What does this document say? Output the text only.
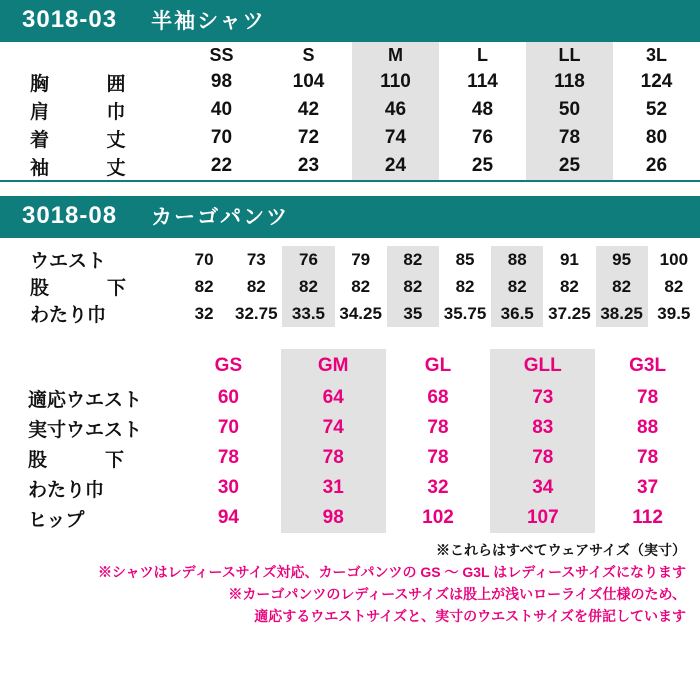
3018-03 半袖シャツ
	SS	S	M	L	LL	3L
胸囲	98	104	110	114	118	124
肩巾	40	42	46	48	50	52
着丈	70	72	74	76	78	80
袖丈	22	23	24	25	25	26
3018-08 カーゴパンツ
ウエスト	70	73	76	79	82	85	88	91	95	100
股下	82	82	82	82	82	82	82	82	82	82
わたり巾	32	32.75	33.5	34.25	35	35.75	36.5	37.25	38.25	39.5
	GS	GM	GL	GLL	G3L
適応ウエスト	60	64	68	73	78
実寸ウエスト	70	74	78	83	88
股下	78	78	78	78	78
わたり巾	30	31	32	34	37
ヒップ	94	98	102	107	112
※これらはすべてウェアサイズ（実寸）
※シャツはレディースサイズ対応、カーゴパンツの GS ～ G3L はレディースサイズになります
※カーゴパンツのレディースサイズは股上が浅いローライズ仕様のため、
適応するウエストサイズと、実寸のウエストサイズを併記しています
